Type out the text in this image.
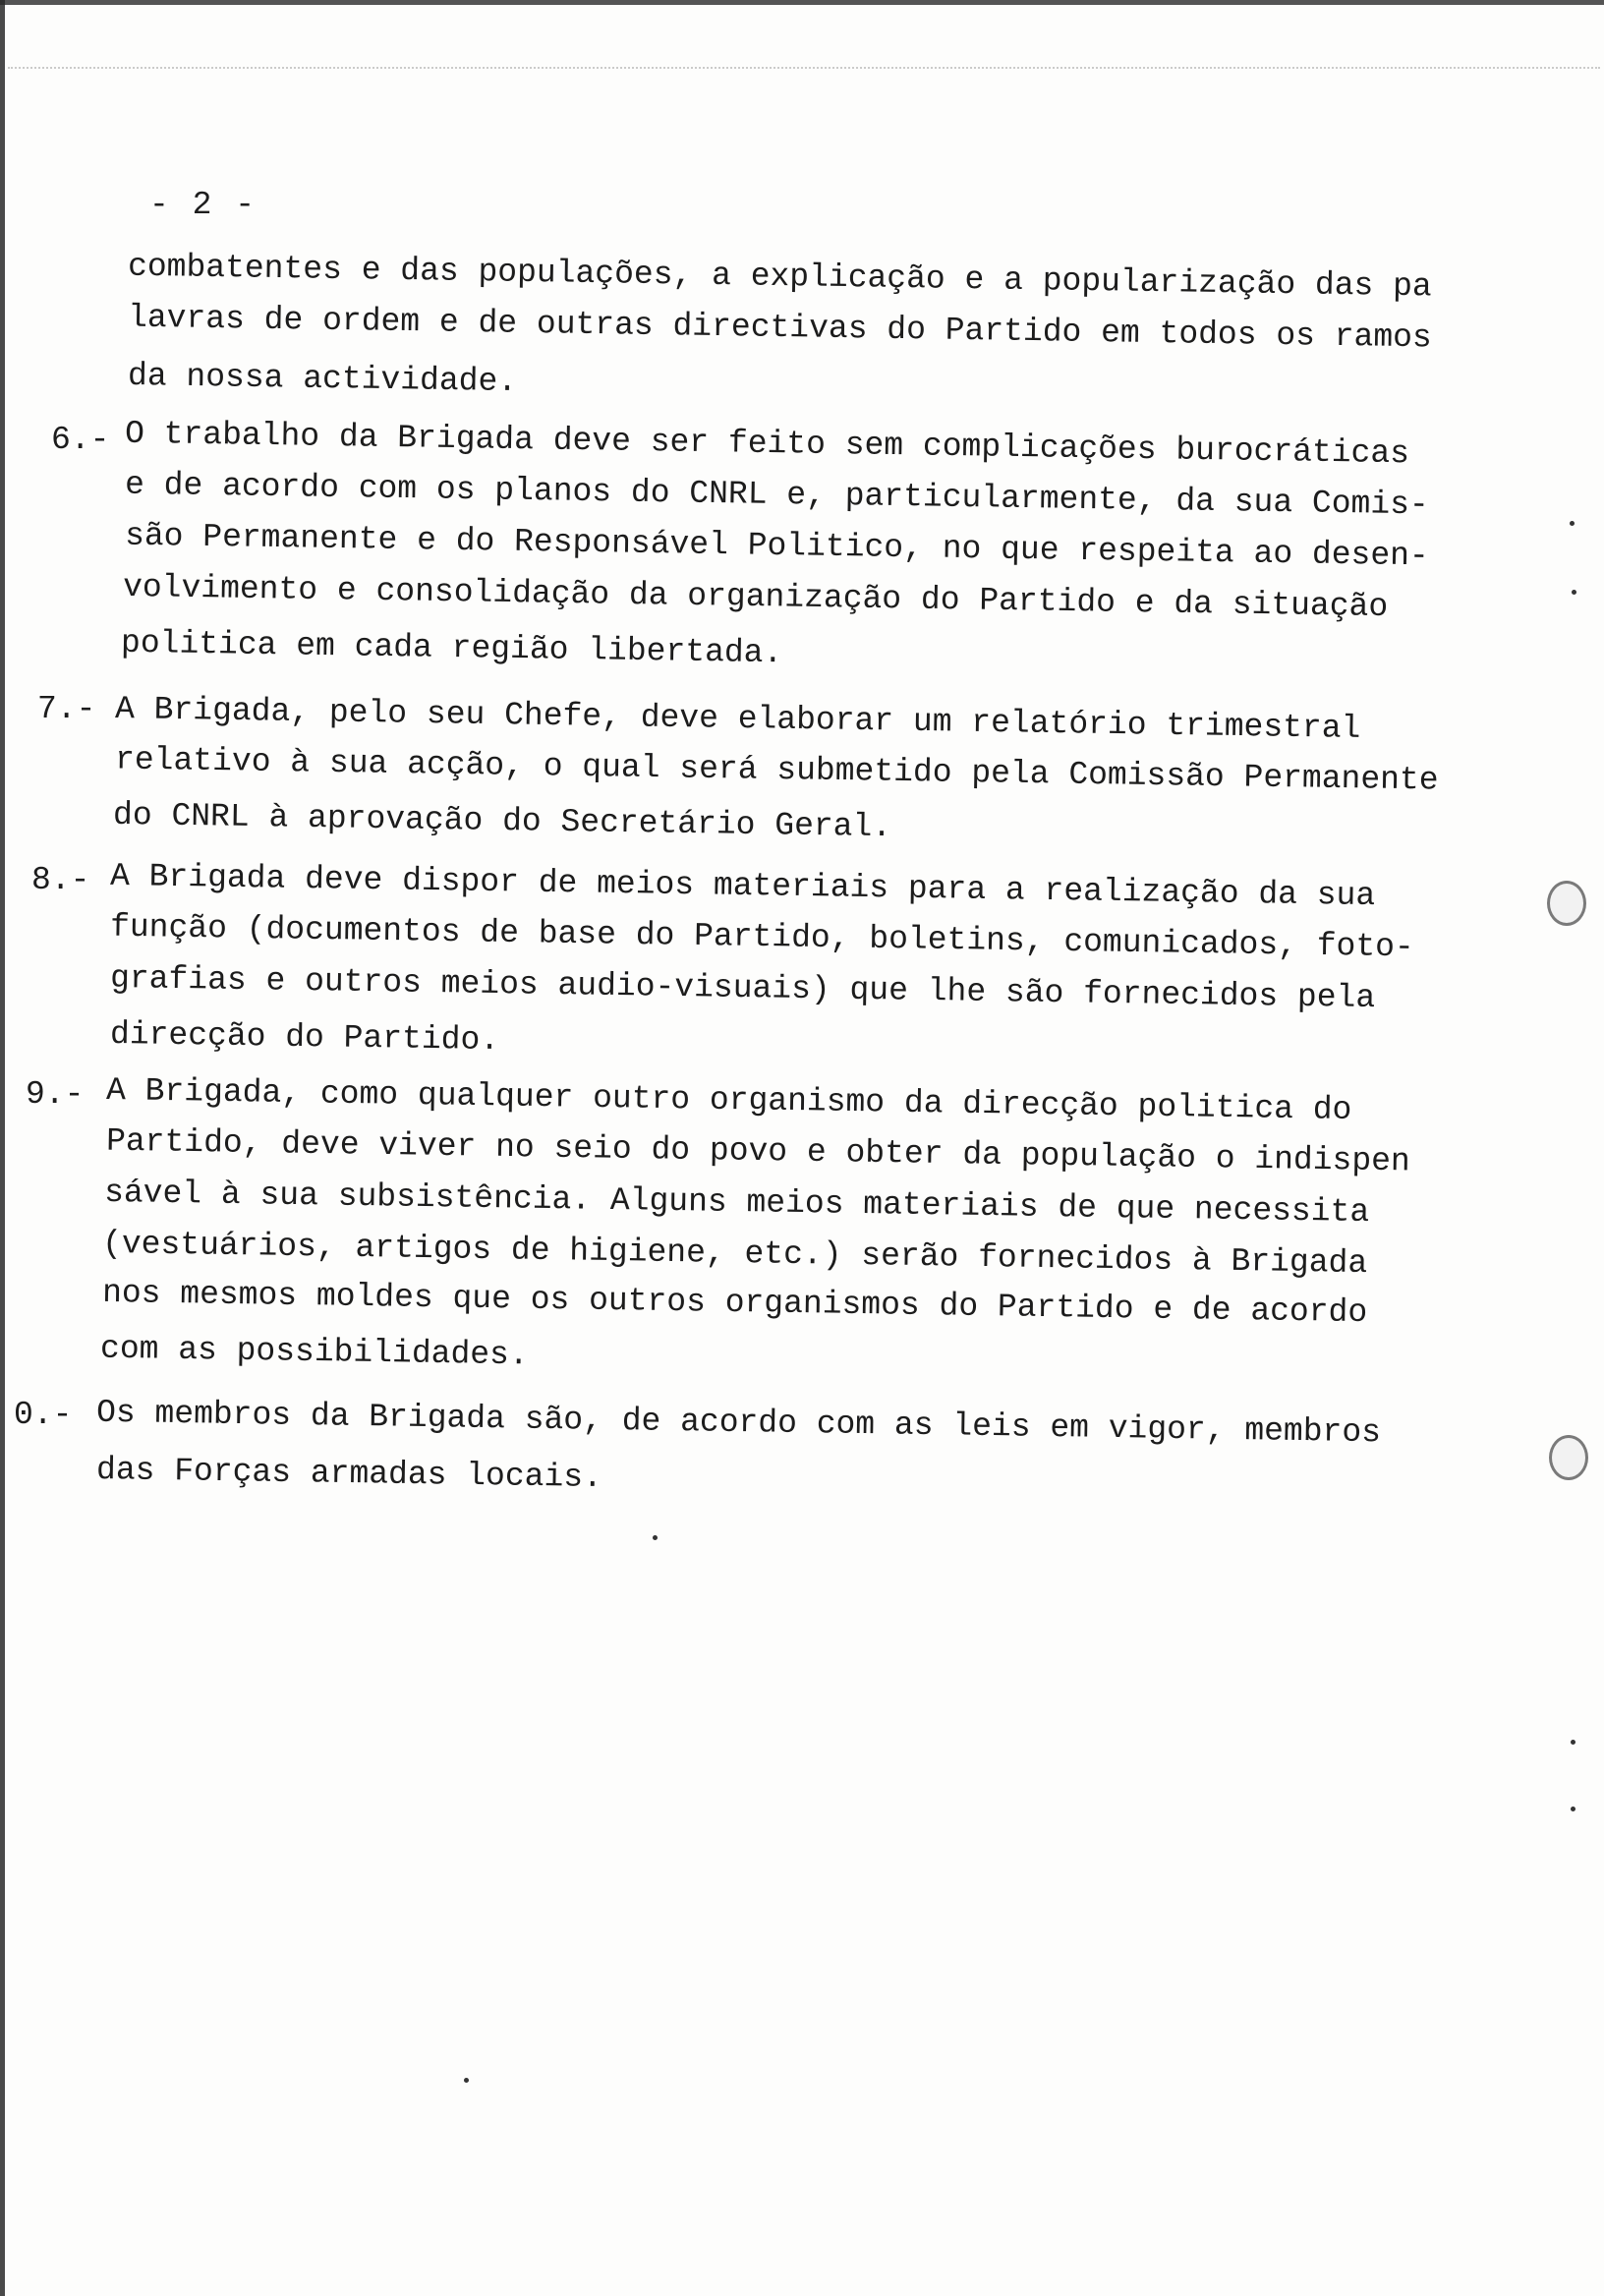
- 2 -
combatentes e das populações, a explicação e a popularização das pa
lavras de ordem e de outras directivas do Partido em todos os ramos
da nossa actividade.
6.- O trabalho da Brigada deve ser feito sem complicações burocráticas
e de acordo com os planos do CNRL e, particularmente, da sua Comis-
são Permanente e do Responsável Politico, no que respeita ao desen-
volvimento e consolidação da organização do Partido e da situação
politica em cada região libertada.
7.- A Brigada, pelo seu Chefe, deve elaborar um relatório trimestral
relativo à sua acção, o qual será submetido pela Comissão Permanente
do CNRL à aprovação do Secretário Geral.
8.- A Brigada deve dispor de meios materiais para a realização da sua
função (documentos de base do Partido, boletins, comunicados, foto-
grafias e outros meios audio-visuais) que lhe são fornecidos pela
direcção do Partido.
9.- A Brigada, como qualquer outro organismo da direcção politica do
Partido, deve viver no seio do povo e obter da população o indispen
sável à sua subsistência. Alguns meios materiais de que necessita
(vestuários, artigos de higiene, etc.) serão fornecidos à Brigada
nos mesmos moldes que os outros organismos do Partido e de acordo
com as possibilidades.
0.- Os membros da Brigada são, de acordo com as leis em vigor, membros
das Forças armadas locais.
